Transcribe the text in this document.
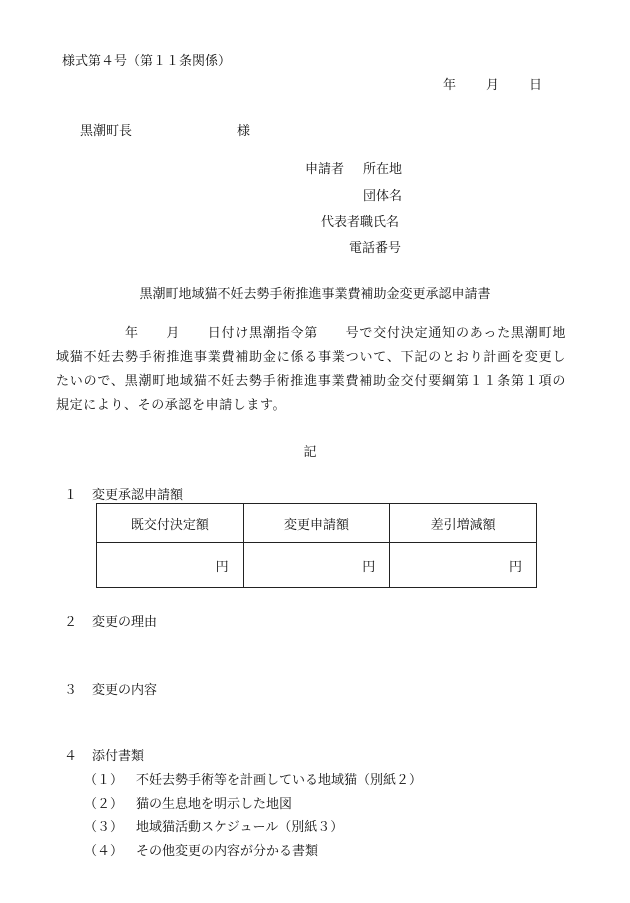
様式第４号（第１１条関係）
年 月 日
黒潮町長	様
申請者 所在地
団体名
代表者職氏名
電話番号
黒潮町地域猫不妊去勢手術推進事業費補助金変更承認申請書
　　　　　年　　月　　日付け黒潮指令第　　号で交付決定通知のあった黒潮町地域猫不妊去勢手術推進事業費補助金に係る事業ついて、下記のとおり計画を変更したいので、黒潮町地域猫不妊去勢手術推進事業費補助金交付要綱第１１条第１項の規定により、その承認を申請します。
記
１ 変更承認申請額
既交付決定額	変更申請額	差引増減額
円	円	円
２ 変更の理由
３ 変更の内容
４ 添付書類
（１） 不妊去勢手術等を計画している地域猫（別紙２）
（２） 猫の生息地を明示した地図
（３） 地域猫活動スケジュール（別紙３）
（４） その他変更の内容が分かる書類
